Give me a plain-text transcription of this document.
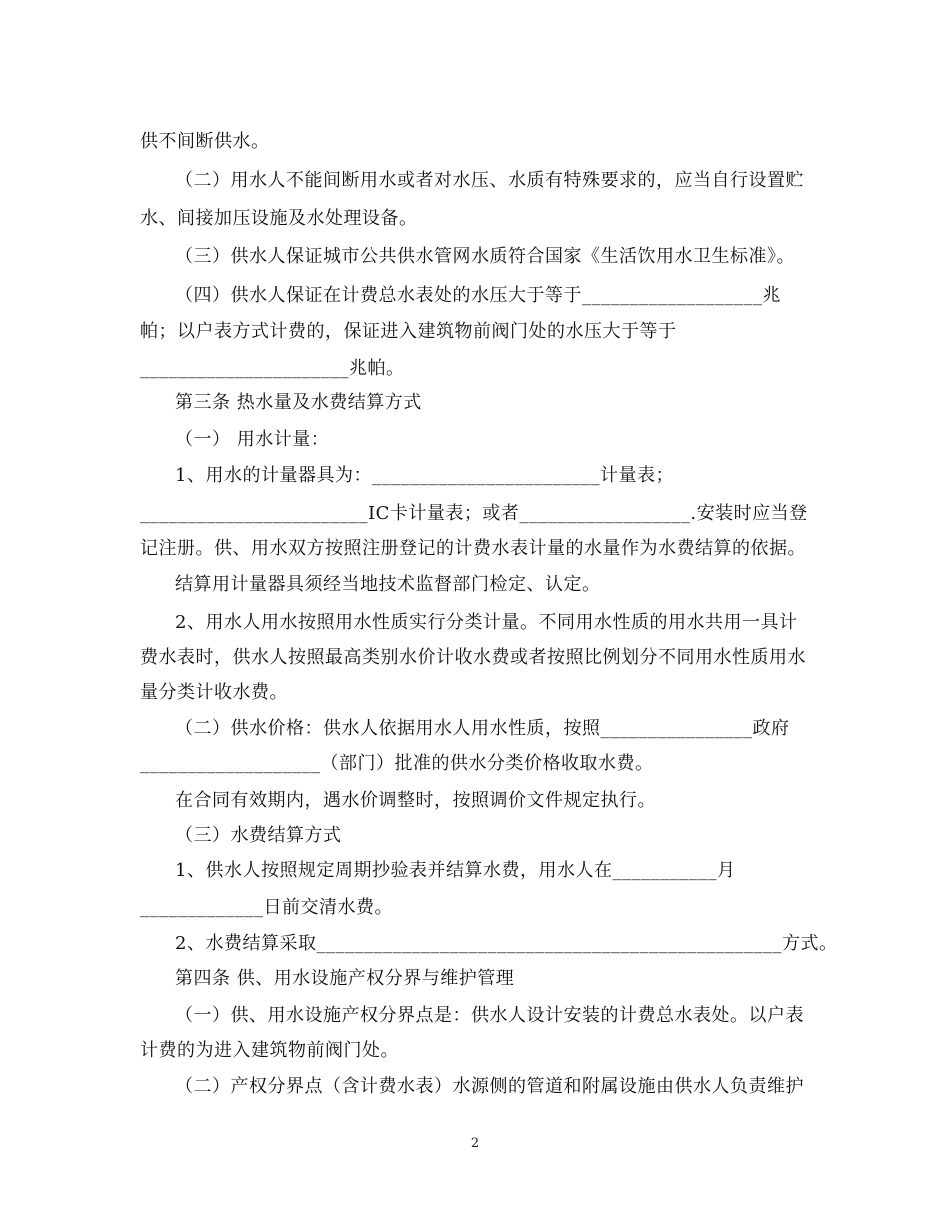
供不间断供水。
（二）用水人不能间断用水或者对水压、水质有特殊要求的，应当自行设置贮
水、间接加压设施及水处理设备。
（三）供水人保证城市公共供水管网水质符合国家《生活饮用水卫生标准》。
（四）供水人保证在计费总水表处的水压大于等于___________________兆
帕；以户表方式计费的，保证进入建筑物前阀门处的水压大于等于
______________________兆帕。
第三条 热水量及水费结算方式
（一） 用水计量：
1、用水的计量器具为：________________________计量表；
________________________IC卡计量表；或者__________________.安装时应当登
记注册。供、用水双方按照注册登记的计费水表计量的水量作为水费结算的依据。
结算用计量器具须经当地技术监督部门检定、认定。
2、用水人用水按照用水性质实行分类计量。不同用水性质的用水共用一具计
费水表时，供水人按照最高类别水价计收水费或者按照比例划分不同用水性质用水
量分类计收水费。
（二）供水价格：供水人依据用水人用水性质，按照________________政府
___________________（部门）批准的供水分类价格收取水费。
在合同有效期内，遇水价调整时，按照调价文件规定执行。
（三）水费结算方式
1、供水人按照规定周期抄验表并结算水费，用水人在___________月
_____________日前交清水费。
2、水费结算采取_________________________________________________方式。
第四条 供、用水设施产权分界与维护管理
（一）供、用水设施产权分界点是：供水人设计安装的计费总水表处。以户表
计费的为进入建筑物前阀门处。
（二）产权分界点（含计费水表）水源侧的管道和附属设施由供水人负责维护
2
